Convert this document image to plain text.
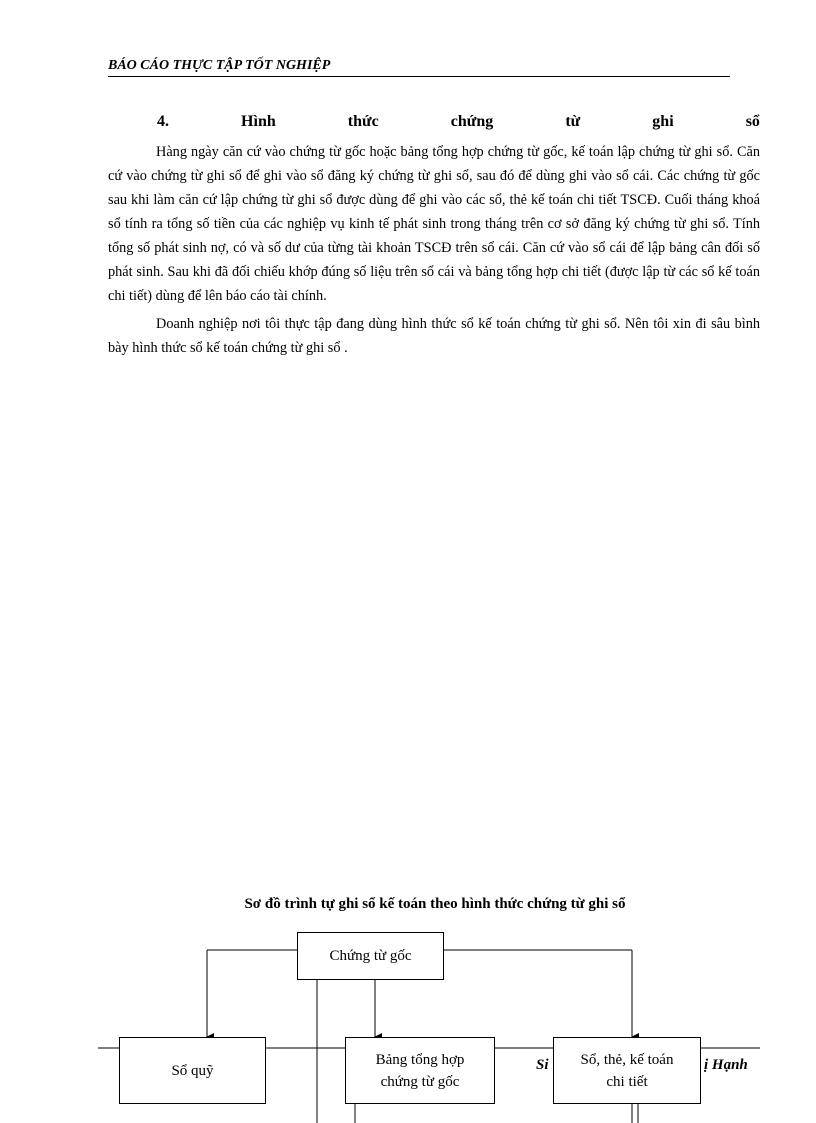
BÁO CÁO THỰC TẬP TỐT NGHIỆP
4.	Hình	thức	chứng	từ	ghi	sổ

Hàng ngày căn cứ vào chứng từ gốc hoặc bảng tổng hợp chứng từ gốc, kế toán lập chứng từ ghi sổ. Căn cứ vào chứng từ ghi sổ để ghi vào sổ đăng ký chứng từ ghi sổ, sau đó để dùng ghi vào sổ cái. Các chứng từ gốc sau khi làm căn cứ lập chứng từ ghi sổ được dùng để ghi vào các sổ, thẻ kế toán chi tiết TSCĐ. Cuối tháng khoá sổ tính ra tổng số tiền của các nghiệp vụ kinh tế phát sinh trong tháng trên cơ sở đăng ký chứng từ ghi sổ. Tính tổng số phát sinh nợ, có và số dư của từng tài khoản TSCĐ trên sổ cái. Căn cứ vào sổ cái để lập bảng cân đối số phát sinh. Sau khi đã đối chiếu khớp đúng số liệu trên sổ cái và bảng tổng hợp chi tiết (được lập từ các sổ kế toán chi tiết) dùng để lên báo cáo tài chính.

Doanh nghiệp nơi tôi thực tập đang dùng hình thức sổ kế toán chứng từ ghi sổ. Nên tôi xin đi sâu bình bày hình thức sổ kế toán chứng từ ghi sổ .

Sơ đồ trình tự ghi sổ kế toán theo hình thức chứng từ ghi sổ
Chứng từ gốc
Sổ quỹ	Si	ị Hạnh
Bảng tổng hợp
chứng từ gốc
Sổ, thẻ, kế toán
chi tiết
